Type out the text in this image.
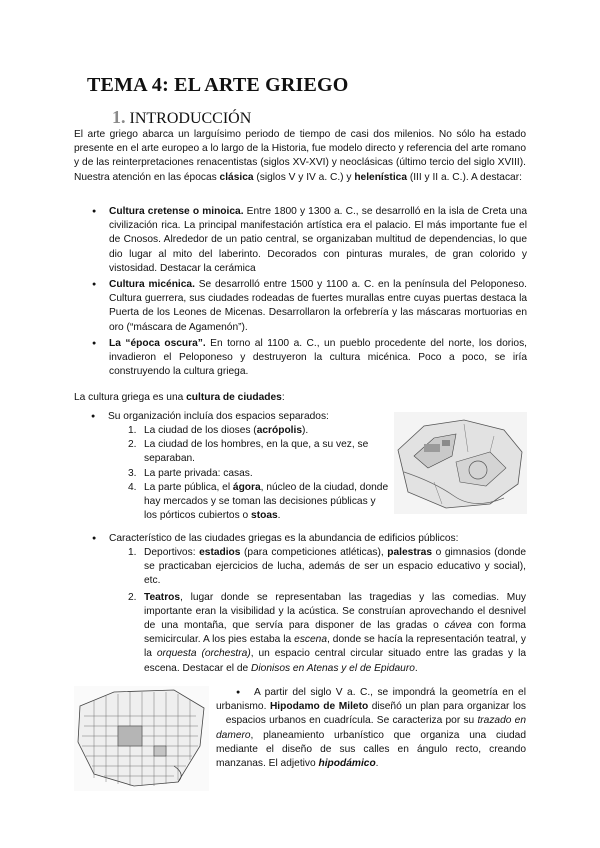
TEMA 4: EL ARTE GRIEGO
1. INTRODUCCIÓN

El arte griego abarca un larguísimo periodo de tiempo de casi dos milenios. No sólo ha estado presente en el arte europeo a lo largo de la Historia, fue modelo directo y referencia del arte romano y de las reinterpretaciones renacentistas (siglos XV-XVI) y neoclásicas (último tercio del siglo XVIII). Nuestra atención en las épocas clásica (siglos V y IV a. C.) y helenística (III y II a. C.). A destacar:

● Cultura cretense o minoica. Entre 1800 y 1300 a. C., se desarrolló en la isla de Creta una civilización rica. La principal manifestación artística era el palacio. El más importante fue el de Cnosos. Alrededor de un patio central, se organizaban multitud de dependencias, lo que dio lugar al mito del laberinto. Decorados con pinturas murales, de gran colorido y vistosidad. Destacar la cerámica
● Cultura micénica. Se desarrolló entre 1500 y 1100 a. C. en la península del Peloponeso. Cultura guerrera, sus ciudades rodeadas de fuertes murallas entre cuyas puertas destaca la Puerta de los Leones de Micenas. Desarrollaron la orfebrería y las máscaras mortuorias en oro (“máscara de Agamenón”).
● La “época oscura”. En torno al 1100 a. C., un pueblo procedente del norte, los dorios, invadieron el Peloponeso y destruyeron la cultura micénica. Poco a poco, se iría construyendo la cultura griega.

La cultura griega es una cultura de ciudades:

● Su organización incluía dos espacios separados:
1. La ciudad de los dioses (acrópolis).
2. La ciudad de los hombres, en la que, a su vez, se separaban.
3. La parte privada: casas.
4. La parte pública, el ágora, núcleo de la ciudad, donde hay mercados y se toman las decisiones públicas y los pórticos cubiertos o stoas.
● Característico de las ciudades griegas es la abundancia de edificios públicos:
1. Deportivos: estadios (para competiciones atléticas), palestras o gimnasios (donde se practicaban ejercicios de lucha, además de ser un espacio educativo y social), etc.
2. Teatros, lugar donde se representaban las tragedias y las comedias. Muy importante eran la visibilidad y la acústica. Se construían aprovechando el desnivel de una montaña, que servía para disponer de las gradas o cávea con forma semicircular. A los pies estaba la escena, donde se hacía la representación teatral, y la orquesta (orchestra), un espacio central circular situado entre las gradas y la escena. Destacar el de Dionisos en Atenas y el de Epidauro.
● A partir del siglo V a. C., se impondrá la geometría en el urbanismo. Hipodamo de Mileto diseñó un plan para organizar los    espacios urbanos en cuadrícula. Se caracteriza por su trazado en damero, planeamiento urbanístico que organiza una ciudad mediante el diseño de sus calles en ángulo recto, creando manzanas. El adjetivo hipodámico.
